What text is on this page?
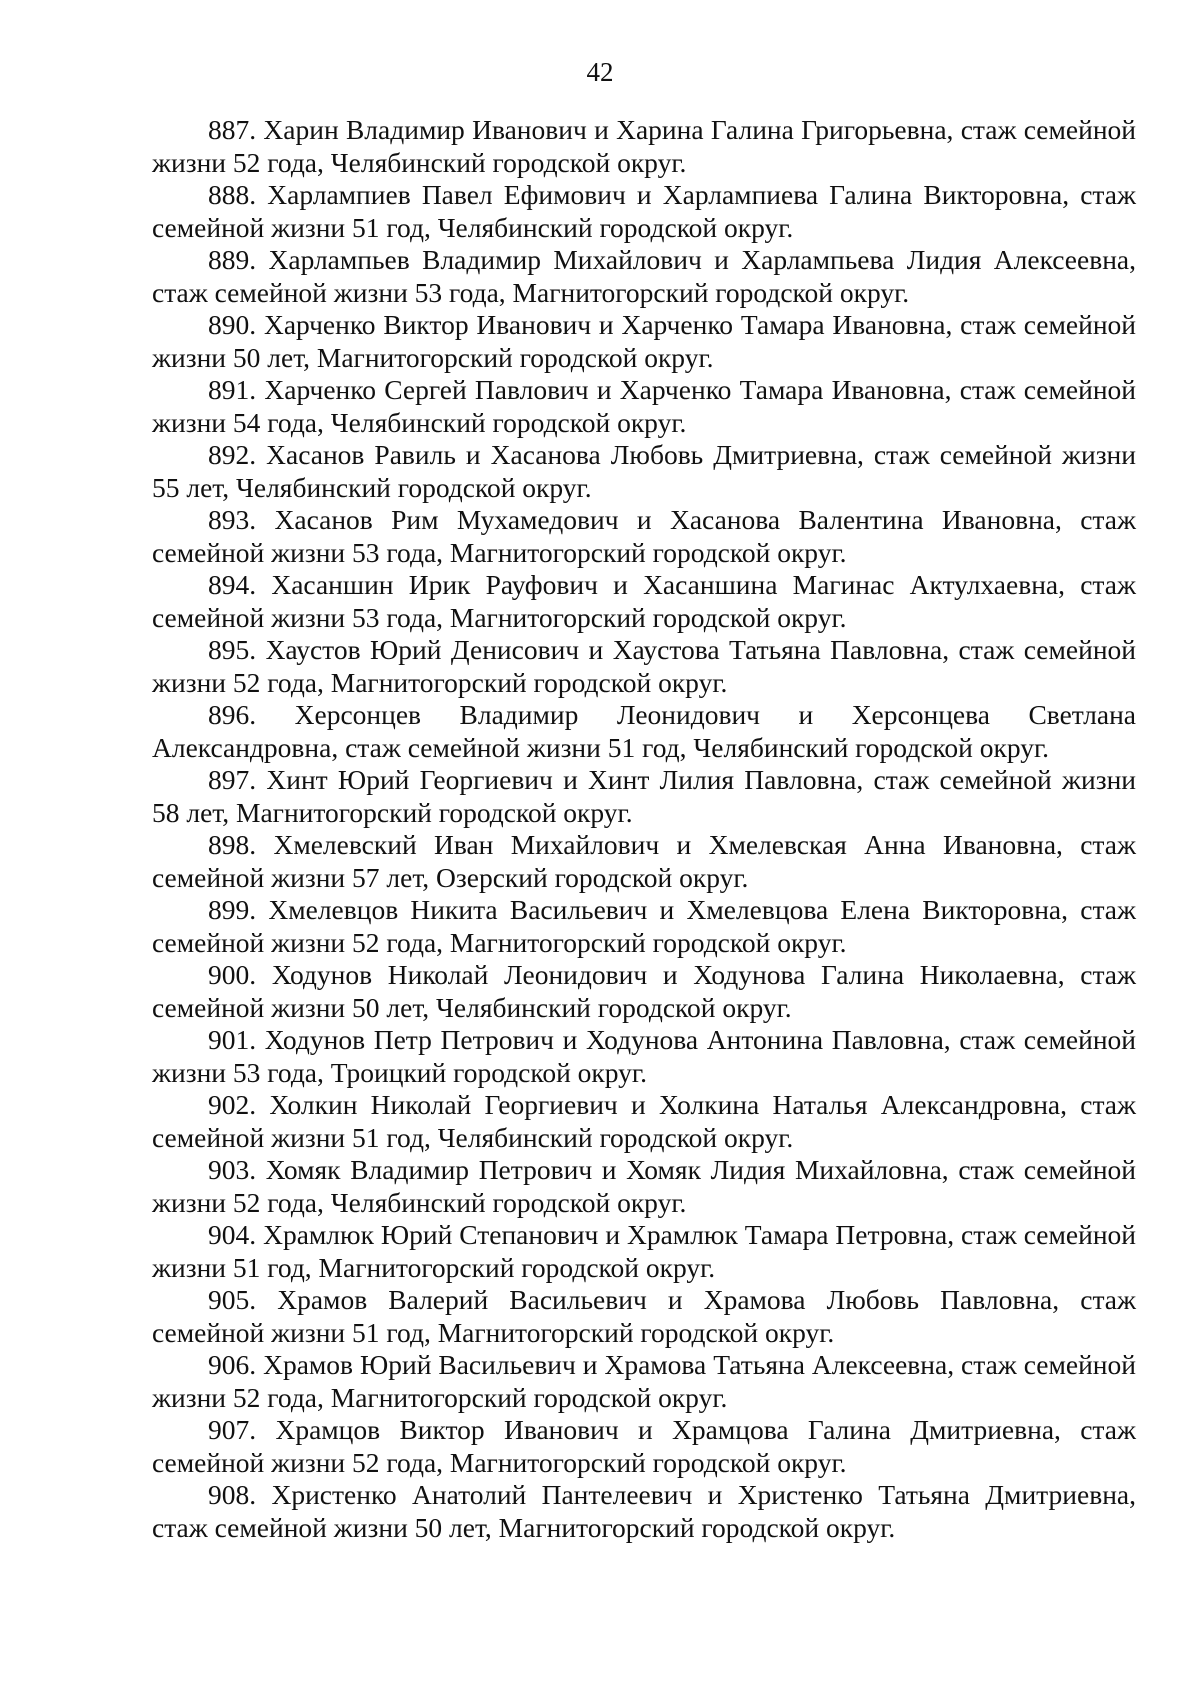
42
887. Харин Владимир Иванович и Харина Галина Григорьевна, стаж семейной жизни 52 года, Челябинский городской округ.
888. Харлампиев Павел Ефимович и Харлампиева Галина Викторовна, стаж семейной жизни 51 год, Челябинский городской округ.
889. Харлампьев Владимир Михайлович и Харлампьева Лидия Алексеевна, стаж семейной жизни 53 года, Магнитогорский городской округ.
890. Харченко Виктор Иванович и Харченко Тамара Ивановна, стаж семейной жизни 50 лет, Магнитогорский городской округ.
891. Харченко Сергей Павлович и Харченко Тамара Ивановна, стаж семейной жизни 54 года, Челябинский городской округ.
892. Хасанов Равиль и Хасанова Любовь Дмитриевна, стаж семейной жизни 55 лет, Челябинский городской округ.
893. Хасанов Рим Мухамедович и Хасанова Валентина Ивановна, стаж семейной жизни 53 года, Магнитогорский городской округ.
894. Хасаншин Ирик Рауфович и Хасаншина Магинас Актулхаевна, стаж семейной жизни 53 года, Магнитогорский городской округ.
895. Хаустов Юрий Денисович и Хаустова Татьяна Павловна, стаж семейной жизни 52 года, Магнитогорский городской округ.
896. Херсонцев Владимир Леонидович и Херсонцева Светлана Александровна, стаж семейной жизни 51 год, Челябинский городской округ.
897. Хинт Юрий Георгиевич и Хинт Лилия Павловна, стаж семейной жизни 58 лет, Магнитогорский городской округ.
898. Хмелевский Иван Михайлович и Хмелевская Анна Ивановна, стаж семейной жизни 57 лет, Озерский городской округ.
899. Хмелевцов Никита Васильевич и Хмелевцова Елена Викторовна, стаж семейной жизни 52 года, Магнитогорский городской округ.
900. Ходунов Николай Леонидович и Ходунова Галина Николаевна, стаж семейной жизни 50 лет, Челябинский городской округ.
901. Ходунов Петр Петрович и Ходунова Антонина Павловна, стаж семейной жизни 53 года, Троицкий городской округ.
902. Холкин Николай Георгиевич и Холкина Наталья Александровна, стаж семейной жизни 51 год, Челябинский городской округ.
903. Хомяк Владимир Петрович и Хомяк Лидия Михайловна, стаж семейной жизни 52 года, Челябинский городской округ.
904. Храмлюк Юрий Степанович и Храмлюк Тамара Петровна, стаж семейной жизни 51 год, Магнитогорский городской округ.
905. Храмов Валерий Васильевич и Храмова Любовь Павловна, стаж семейной жизни 51 год, Магнитогорский городской округ.
906. Храмов Юрий Васильевич и Храмова Татьяна Алексеевна, стаж семейной жизни 52 года, Магнитогорский городской округ.
907. Храмцов Виктор Иванович и Храмцова Галина Дмитриевна, стаж семейной жизни 52 года, Магнитогорский городской округ.
908. Христенко Анатолий Пантелеевич и Христенко Татьяна Дмитриевна, стаж семейной жизни 50 лет, Магнитогорский городской округ.
